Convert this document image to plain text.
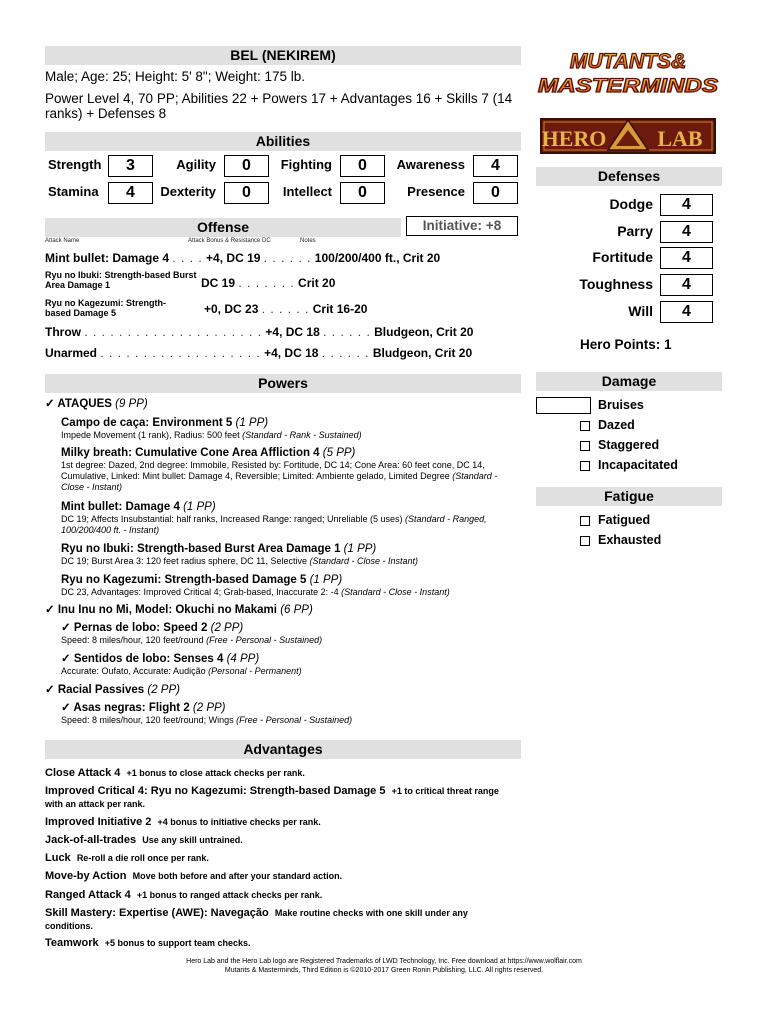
BEL (NEKIREM)
Male; Age: 25; Height: 5' 8"; Weight: 175 lb.
Power Level 4, 70 PP; Abilities 22 + Powers 17 + Advantages 16 + Skills 7 (14 ranks) + Defenses 8
MUTANTS&
MASTERMINDS
HERO LAB
Abilities
Strength	3	Agility	0	Fighting	0	Awareness	4
Stamina	4	Dexterity	0	Intellect	0	Presence	0
Offense	Initiative: +8
Attack Name	Attack Bonus & Resistance DC	Notes
Mint bullet: Damage 4 . . . . +4, DC 19 . . . . . . 100/200/400 ft., Crit 20
Ryu no Ibuki: Strength-based Burst Area Damage 1	DC 19 . . . . . . . Crit 20
Ryu no Kagezumi: Strength-based Damage 5	+0, DC 23 . . . . . . Crit 16-20
Throw . . . . . . . . . . . . . . . . . . . . . +4, DC 18 . . . . . . Bludgeon, Crit 20
Unarmed . . . . . . . . . . . . . . . . . . . +4, DC 18 . . . . . . Bludgeon, Crit 20
Defenses
Dodge	4
Parry	4
Fortitude	4
Toughness	4
Will	4
Hero Points: 1
Damage
Bruises
Dazed
Staggered
Incapacitated
Fatigue
Fatigued
Exhausted
Powers
✓ ATAQUES (9 PP)
Campo de caça: Environment 5 (1 PP)
Impede Movement (1 rank), Radius: 500 feet (Standard - Rank - Sustained)
Milky breath: Cumulative Cone Area Affliction 4 (5 PP)
1st degree: Dazed, 2nd degree: Immobile, Resisted by: Fortitude, DC 14; Cone Area: 60 feet cone, DC 14, Cumulative, Linked: Mint bullet: Damage 4, Reversible; Limited: Ambiente gelado, Limited Degree (Standard - Close - Instant)
Mint bullet: Damage 4 (1 PP)
DC 19; Affects Insubstantial: half ranks, Increased Range: ranged; Unreliable (5 uses) (Standard - Ranged, 100/200/400 ft. - Instant)
Ryu no Ibuki: Strength-based Burst Area Damage 1 (1 PP)
DC 19; Burst Area 3: 120 feet radius sphere, DC 11, Selective (Standard - Close - Instant)
Ryu no Kagezumi: Strength-based Damage 5 (1 PP)
DC 23, Advantages: Improved Critical 4; Grab-based, Inaccurate 2: -4 (Standard - Close - Instant)
✓ Inu Inu no Mi, Model: Okuchi no Makami (6 PP)
✓ Pernas de lobo: Speed 2 (2 PP)
Speed: 8 miles/hour, 120 feet/round (Free - Personal - Sustained)
✓ Sentidos de lobo: Senses 4 (4 PP)
Accurate: Oufato, Accurate: Audição (Personal - Permanent)
✓ Racial Passives (2 PP)
✓ Asas negras: Flight 2 (2 PP)
Speed: 8 miles/hour, 120 feet/round; Wings (Free - Personal - Sustained)
Advantages
Close Attack 4 +1 bonus to close attack checks per rank.
Improved Critical 4: Ryu no Kagezumi: Strength-based Damage 5 +1 to critical threat range with an attack per rank.
Improved Initiative 2 +4 bonus to initiative checks per rank.
Jack-of-all-trades Use any skill untrained.
Luck Re-roll a die roll once per rank.
Move-by Action Move both before and after your standard action.
Ranged Attack 4 +1 bonus to ranged attack checks per rank.
Skill Mastery: Expertise (AWE): Navegação Make routine checks with one skill under any conditions.
Teamwork +5 bonus to support team checks.
Hero Lab and the Hero Lab logo are Registered Trademarks of LWD Technology, Inc. Free download at https://www.wolflair.com
Mutants & Masterminds, Third Edition is ©2010-2017 Green Ronin Publishing, LLC. All rights reserved.
